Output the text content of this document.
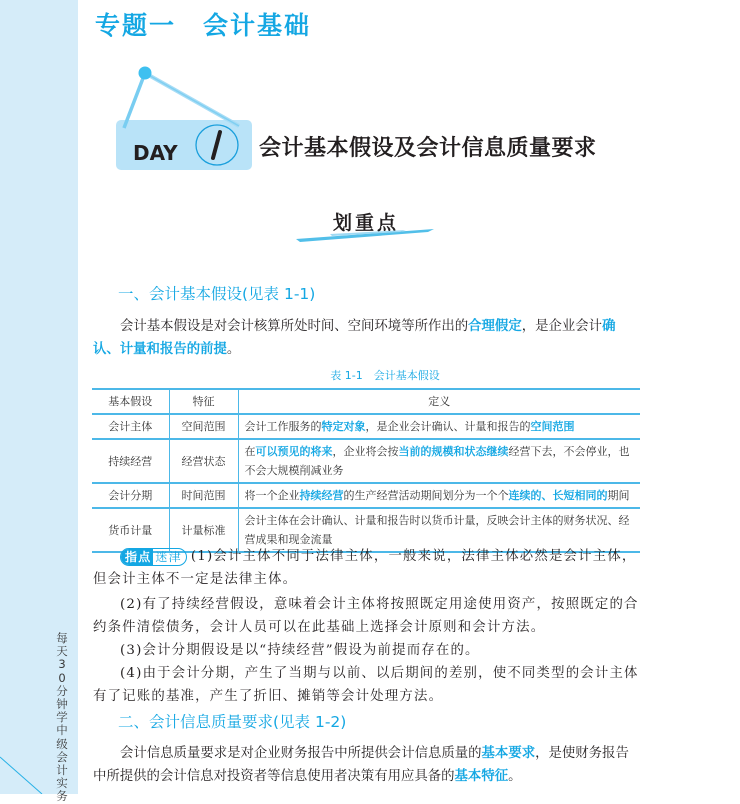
每天30分钟学中级会计实务
专题一　会计基础
DAY	会计基本假设及会计信息质量要求
划重点
一、会计基本假设(见表 1-1)
会计基本假设是对会计核算所处时间、空间环境等所作出的合理假定，是企业会计确认、计量和报告的前提。
表 1-1　会计基本假设
基本假设	特征	定义
会计主体	空间范围	会计工作服务的特定对象，是企业会计确认、计量和报告的空间范围
持续经营	经营状态	在可以预见的将来，企业将会按当前的规模和状态继续经营下去，不会停业，也不会大规模削减业务
会计分期	时间范围	将一个企业持续经营的生产经营活动期间划分为一个个连续的、长短相同的期间
货币计量	计量标准	会计主体在会计确认、计量和报告时以货币计量，反映会计主体的财务状况、经营成果和现金流量
指点 迷津 (1)会计主体不同于法律主体，一般来说，法律主体必然是会计主体，但会计主体不一定是法律主体。
(2)有了持续经营假设，意味着会计主体将按照既定用途使用资产，按照既定的合约条件清偿债务，会计人员可以在此基础上选择会计原则和会计方法。
(3)会计分期假设是以“持续经营”假设为前提而存在的。
(4)由于会计分期，产生了当期与以前、以后期间的差别，使不同类型的会计主体有了记账的基准，产生了折旧、摊销等会计处理方法。
二、会计信息质量要求(见表 1-2)
会计信息质量要求是对企业财务报告中所提供会计信息质量的基本要求，是使财务报告中所提供的会计信息对投资者等信息使用者决策有用应具备的基本特征。
